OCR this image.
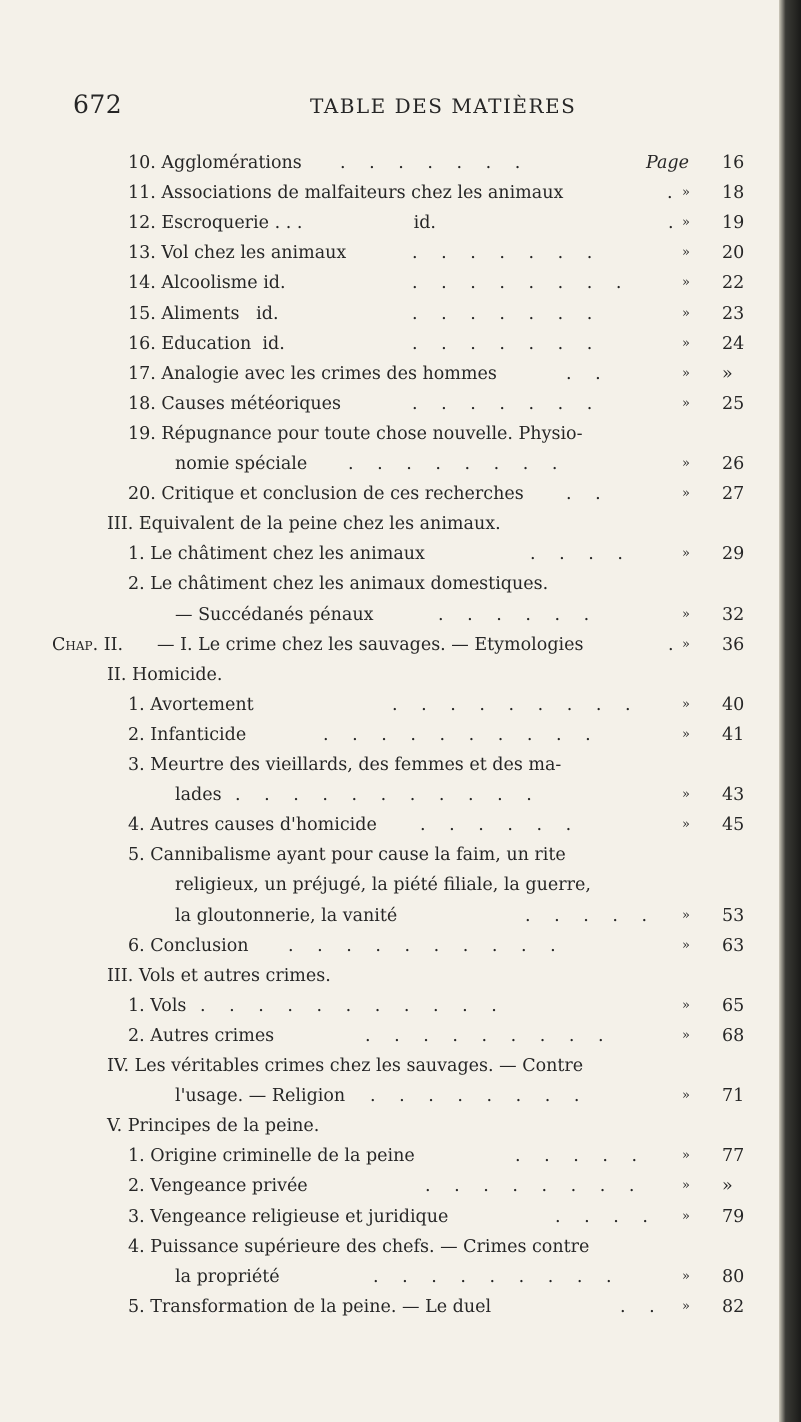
672	TABLE DES MATIÈRES
10. Agglomérations . . . . . . .	Page 16
11. Associations de malfaiteurs chez les animaux	. » 18
12. Escroquerie . . .                    id.	. » 19
13. Vol chez les animaux	. . . . . . .	» 20
14. Alcoolisme id.	. . . . . . . .	» 22
15. Aliments   id.	. . . . . . .	» 23
16. Education  id.	. . . . . . .	» 24
17. Analogie avec les crimes des hommes	. .	» »
18. Causes météoriques	. . . . . . .	» 25
19. Répugnance pour toute chose nouvelle. Physio-
nomie spéciale . . . . . . . .	» 26
20. Critique et conclusion de ces recherches . .	» 27
III. Equivalent de la peine chez les animaux.
1. Le châtiment chez les animaux	. . . .	» 29
2. Le châtiment chez les animaux domestiques.
— Succédanés pénaux	. . . . . .	» 32
Chap. II. — I. Le crime chez les sauvages. — Etymologies	. » 36
II. Homicide.
1. Avortement	. . . . . . . . .	» 40
2. Infanticide	. . . . . . . . . .	» 41
3. Meurtre des vieillards, des femmes et des ma-
lades . . . . . . . . . . .	» 43
4. Autres causes d'homicide . . . . . .	» 45
5. Cannibalisme ayant pour cause la faim, un rite
religieux, un préjugé, la piété filiale, la guerre,
la gloutonnerie, la vanité	. . . . . » 53
6. Conclusion . . . . . . . . . .	» 63
III. Vols et autres crimes.
1. Vols . . . . . . . . . . .	» 65
2. Autres crimes	. . . . . . . . .	» 68
IV. Les véritables crimes chez les sauvages. — Contre
l'usage. — Religion . . . . . . . .	» 71
V. Principes de la peine.
1. Origine criminelle de la peine	. . . . .	» 77
2. Vengeance privée	. . . . . . . .	» »
3. Vengeance religieuse et juridique	. . . . » 79
4. Puissance supérieure des chefs. — Crimes contre
la propriété	. . . . . . . . .	» 80
5. Transformation de la peine. — Le duel	. . » 82
